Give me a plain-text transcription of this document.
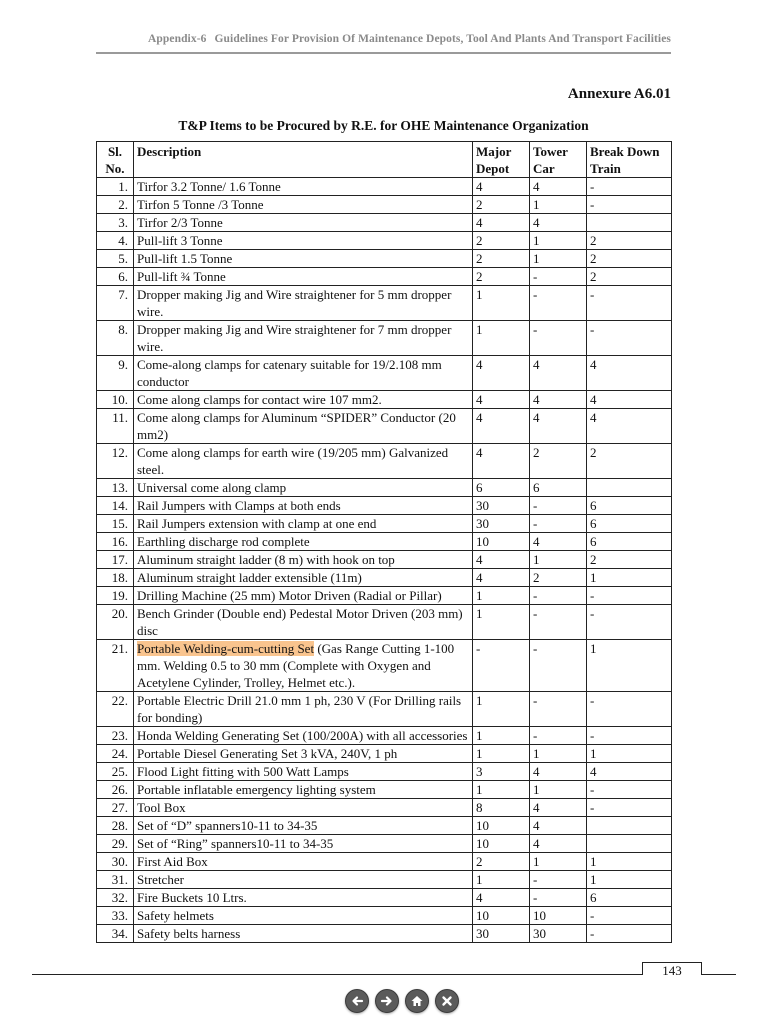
Appendix-6 Guidelines For Provision Of Maintenance Depots, Tool And Plants And Transport Facilities
Annexure A6.01
T&P Items to be Procured by R.E. for OHE Maintenance Organization
Sl. No.	Description	Major Depot	Tower Car	Break Down Train
1.	Tirfor 3.2 Tonne/ 1.6 Tonne	4	4	-
2.	Tirfon 5 Tonne /3 Tonne	2	1	-
3.	Tirfor 2/3 Tonne	4	4	
4.	Pull-lift 3 Tonne	2	1	2
5.	Pull-lift 1.5 Tonne	2	1	2
6.	Pull-lift ¾ Tonne	2	-	2
7.	Dropper making Jig and Wire straightener for 5 mm dropper wire.	1	-	-
8.	Dropper making Jig and Wire straightener for 7 mm dropper wire.	1	-	-
9.	Come-along clamps for catenary suitable for 19/2.108 mm conductor	4	4	4
10.	Come along clamps for contact wire 107 mm2.	4	4	4
11.	Come along clamps for Aluminum “SPIDER” Conductor (20 mm2)	4	4	4
12.	Come along clamps for earth wire (19/205 mm) Galvanized steel.	4	2	2
13.	Universal come along clamp	6	6	
14.	Rail Jumpers with Clamps at both ends	30	-	6
15.	Rail Jumpers extension with clamp at one end	30	-	6
16.	Earthling discharge rod complete	10	4	6
17.	Aluminum straight ladder (8 m) with hook on top	4	1	2
18.	Aluminum straight ladder extensible (11m)	4	2	1
19.	Drilling Machine (25 mm) Motor Driven (Radial or Pillar)	1	-	-
20.	Bench Grinder (Double end) Pedestal Motor Driven (203 mm) disc	1	-	-
21.	Portable Welding-cum-cutting Set (Gas Range Cutting 1-100 mm. Welding 0.5 to 30 mm (Complete with Oxygen and Acetylene Cylinder, Trolley, Helmet etc.).	-	-	1
22.	Portable Electric Drill 21.0 mm 1 ph, 230 V (For Drilling rails for bonding)	1	-	-
23.	Honda Welding Generating Set (100/200A) with all accessories	1	-	-
24.	Portable Diesel Generating Set 3 kVA, 240V, 1 ph	1	1	1
25.	Flood Light fitting with 500 Watt Lamps	3	4	4
26.	Portable inflatable emergency lighting system	1	1	-
27.	Tool Box	8	4	-
28.	Set of “D” spanners10-11 to 34-35	10	4	
29.	Set of “Ring” spanners10-11 to 34-35	10	4	
30.	First Aid Box	2	1	1
31.	Stretcher	1	-	1
32.	Fire Buckets 10 Ltrs.	4	-	6
33.	Safety helmets	10	10	-
34.	Safety belts harness	30	30	-
143
